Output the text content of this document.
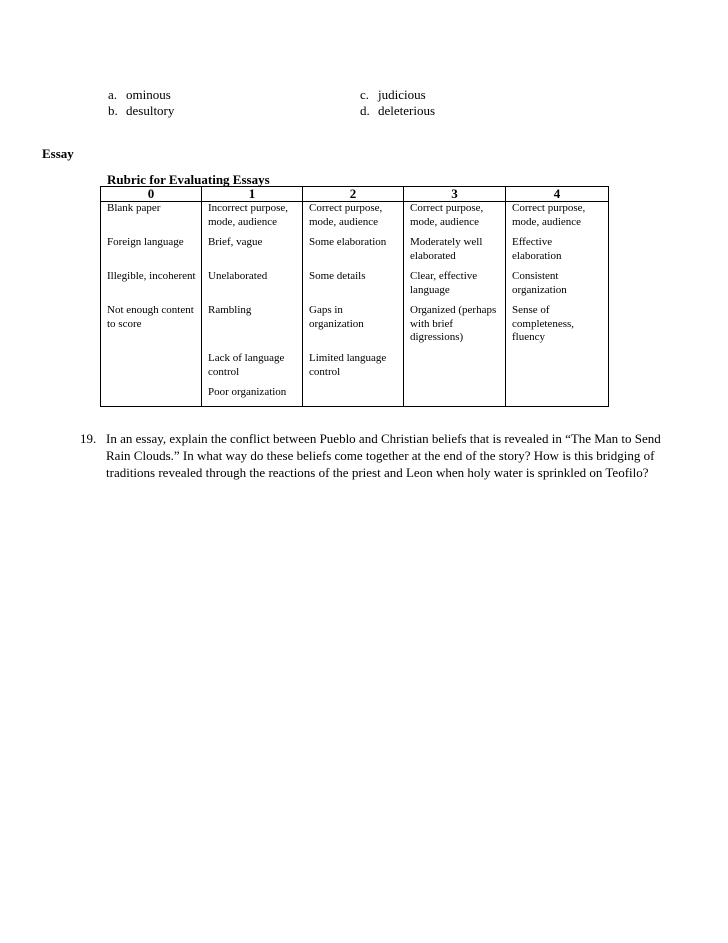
a. ominous
b. desultory
c. judicious
d. deleterious
Essay
Rubric for Evaluating Essays
0	1	2	3	4
Blank paper	Incorrect purpose, mode, audience	Correct purpose, mode, audience	Correct purpose, mode, audience	Correct purpose, mode, audience
Foreign language	Brief, vague	Some elaboration	Moderately well elaborated	Effective elaboration
Illegible, incoherent	Unelaborated	Some details	Clear, effective language	Consistent organization
Not enough content to score	Rambling	Gaps in organization	Organized (perhaps with brief digressions)	Sense of completeness, fluency
	Lack of language control	Limited language control		
	Poor organization			
19. In an essay, explain the conflict between Pueblo and Christian beliefs that is revealed in “The Man to Send Rain Clouds.” In what way do these beliefs come together at the end of the story? How is this bridging of traditions revealed through the reactions of the priest and Leon when holy water is sprinkled on Teofilo?
